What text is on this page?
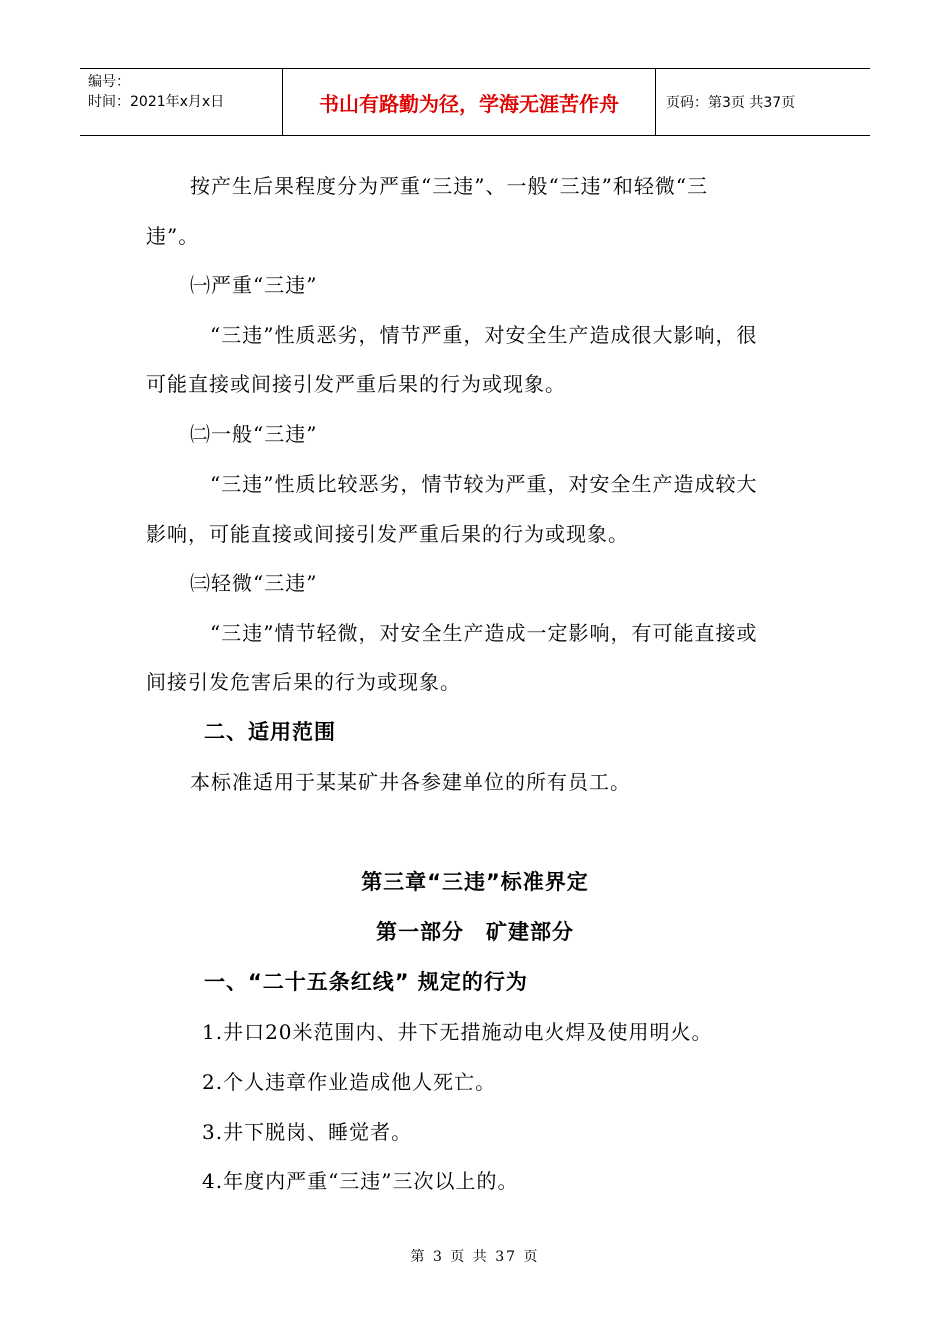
编号：
时间：2021年x月x日	书山有路勤为径，学海无涯苦作舟	页码：第3页 共37页
按产生后果程度分为严重“三违”、一般“三违”和轻微“三
违”。
㈠严重“三违”
“三违”性质恶劣，情节严重，对安全生产造成很大影响，很
可能直接或间接引发严重后果的行为或现象。
㈡一般“三违”
“三违”性质比较恶劣，情节较为严重，对安全生产造成较大
影响，可能直接或间接引发严重后果的行为或现象。
㈢轻微“三违”
“三违”情节轻微，对安全生产造成一定影响，有可能直接或
间接引发危害后果的行为或现象。
二、适用范围
本标准适用于某某矿井各参建单位的所有员工。
第三章“三违”标准界定
第一部分　矿建部分
一、“二十五条红线” 规定的行为
1.井口20米范围内、井下无措施动电火焊及使用明火。
2.个人违章作业造成他人死亡。
3.井下脱岗、睡觉者。
4.年度内严重“三违”三次以上的。
第 3 页 共 37 页
